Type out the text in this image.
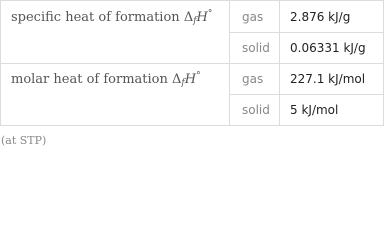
specific heat of formation $\Delta_fH^\circ$ gas 2.876 kJ/g
solid 0.06331 kJ/g
molar heat of formation $\Delta_fH^\circ$	gas 227.1 kJ/mol
solid 5 kJ/mol
(at STP)
